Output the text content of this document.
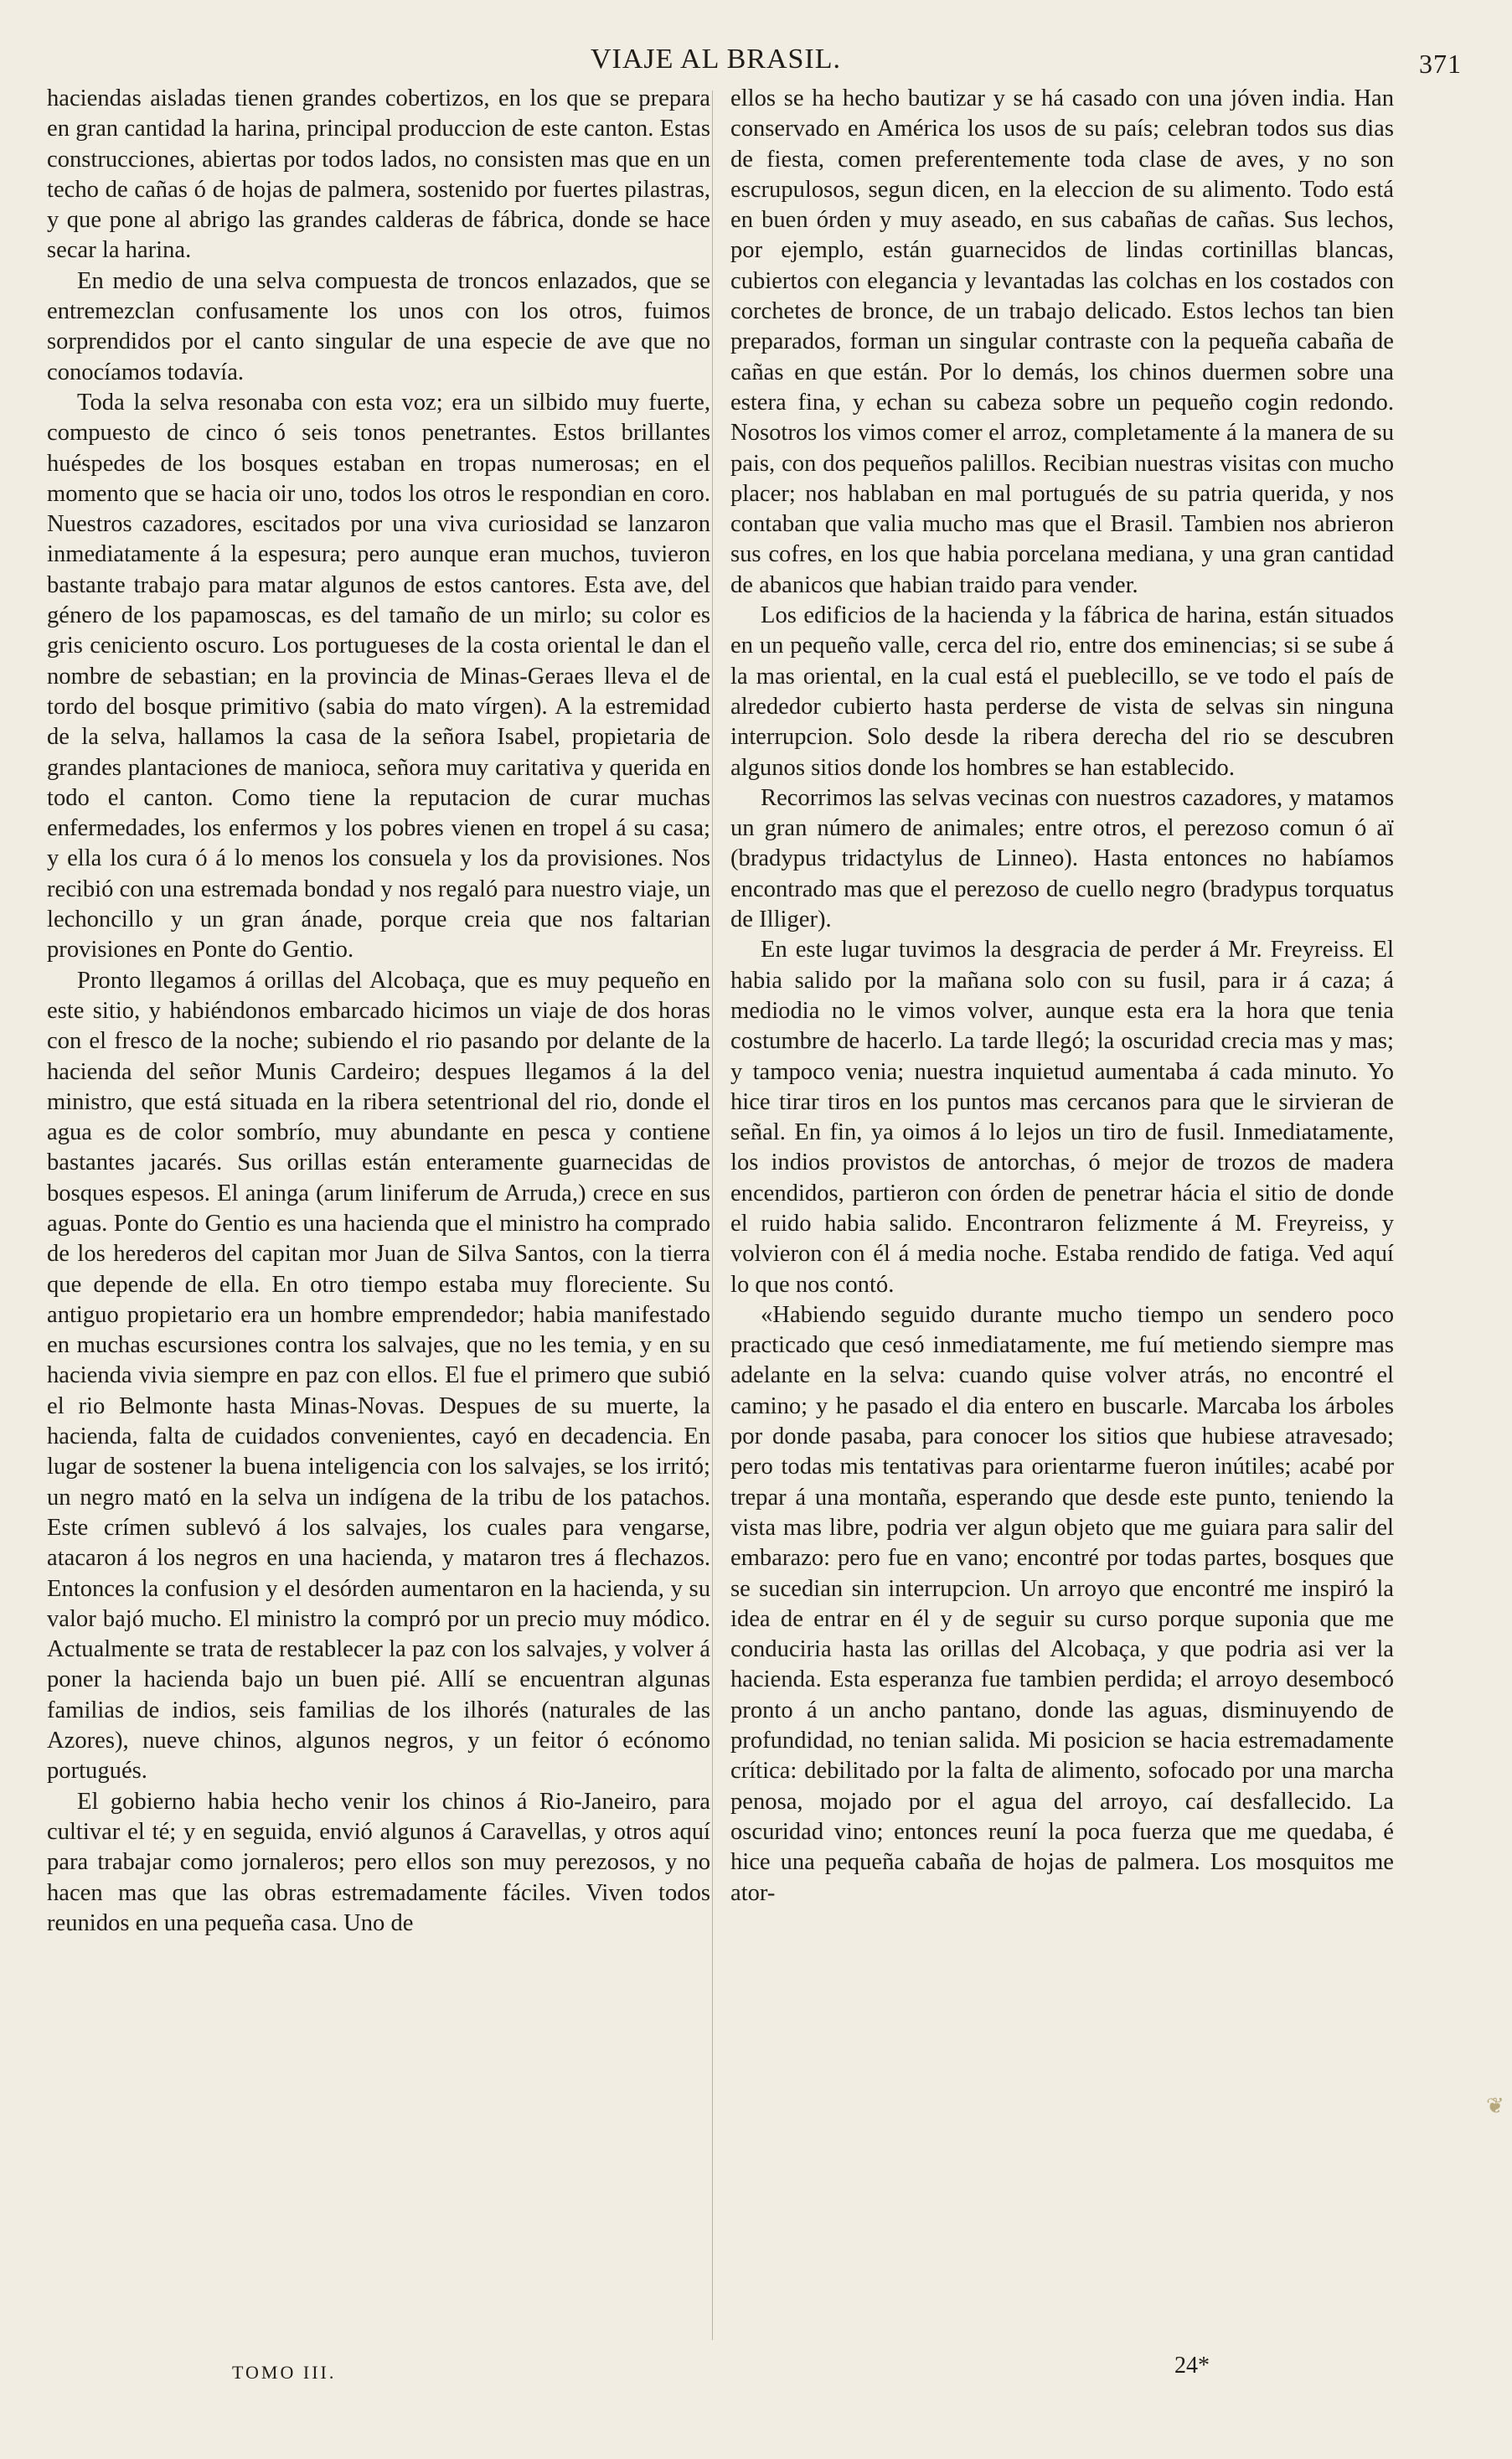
VIAJE AL BRASIL.	371

haciendas aisladas tienen grandes cobertizos, en los que se prepara en gran cantidad la harina, principal produccion de este canton. Estas construcciones, abiertas por todos lados, no consisten mas que en un techo de cañas ó de hojas de palmera, sostenido por fuertes pilastras, y que pone al abrigo las grandes calderas de fábrica, donde se hace secar la harina.

En medio de una selva compuesta de troncos enlazados, que se entremezclan confusamente los unos con los otros, fuimos sorprendidos por el canto singular de una especie de ave que no conocíamos todavía.

Toda la selva resonaba con esta voz; era un silbido muy fuerte, compuesto de cinco ó seis tonos penetrantes. Estos brillantes huéspedes de los bosques estaban en tropas numerosas; en el momento que se hacia oir uno, todos los otros le respondian en coro. Nuestros cazadores, escitados por una viva curiosidad se lanzaron inmediatamente á la espesura; pero aunque eran muchos, tuvieron bastante trabajo para matar algunos de estos cantores. Esta ave, del género de los papamoscas, es del tamaño de un mirlo; su color es gris ceniciento oscuro. Los portugueses de la costa oriental le dan el nombre de sebastian; en la provincia de Minas-Geraes lleva el de tordo del bosque primitivo (sabia do mato vírgen). A la estremidad de la selva, hallamos la casa de la señora Isabel, propietaria de grandes plantaciones de manioca, señora muy caritativa y querida en todo el canton. Como tiene la reputacion de curar muchas enfermedades, los enfermos y los pobres vienen en tropel á su casa; y ella los cura ó á lo menos los consuela y los da provisiones. Nos recibió con una estremada bondad y nos regaló para nuestro viaje, un lechoncillo y un gran ánade, porque creia que nos faltarian provisiones en Ponte do Gentio.

Pronto llegamos á orillas del Alcobaça, que es muy pequeño en este sitio, y habiéndonos embarcado hicimos un viaje de dos horas con el fresco de la noche; subiendo el rio pasando por delante de la hacienda del señor Munis Cardeiro; despues llegamos á la del ministro, que está situada en la ribera setentrional del rio, donde el agua es de color sombrío, muy abundante en pesca y contiene bastantes jacarés. Sus orillas están enteramente guarnecidas de bosques espesos. El aninga (arum liniferum de Arruda,) crece en sus aguas. Ponte do Gentio es una hacienda que el ministro ha comprado de los herederos del capitan mor Juan de Silva Santos, con la tierra que depende de ella. En otro tiempo estaba muy floreciente. Su antiguo propietario era un hombre emprendedor; habia manifestado en muchas escursiones contra los salvajes, que no les temia, y en su hacienda vivia siempre en paz con ellos. El fue el primero que subió el rio Belmonte hasta Minas-Novas. Despues de su muerte, la hacienda, falta de cuidados convenientes, cayó en decadencia. En lugar de sostener la buena inteligencia con los salvajes, se los irritó; un negro mató en la selva un indígena de la tribu de los patachos. Este crímen sublevó á los salvajes, los cuales para vengarse, atacaron á los negros en una hacienda, y mataron tres á flechazos. Entonces la confusion y el desórden aumentaron en la hacienda, y su valor bajó mucho. El ministro la compró por un precio muy módico. Actualmente se trata de restablecer la paz con los salvajes, y volver á poner la hacienda bajo un buen pié. Allí se encuentran algunas familias de indios, seis familias de los ilhorés (naturales de las Azores), nueve chinos, algunos negros, y un feitor ó ecónomo portugués.

El gobierno habia hecho venir los chinos á Rio-Janeiro, para cultivar el té; y en seguida, envió algunos á Caravellas, y otros aquí para trabajar como jornaleros; pero ellos son muy perezosos, y no hacen mas que las obras estremadamente fáciles. Viven todos reunidos en una pequeña casa. Uno de

ellos se ha hecho bautizar y se há casado con una jóven india. Han conservado en América los usos de su país; celebran todos sus dias de fiesta, comen preferentemente toda clase de aves, y no son escrupulosos, segun dicen, en la eleccion de su alimento. Todo está en buen órden y muy aseado, en sus cabañas de cañas. Sus lechos, por ejemplo, están guarnecidos de lindas cortinillas blancas, cubiertos con elegancia y levantadas las colchas en los costados con corchetes de bronce, de un trabajo delicado. Estos lechos tan bien preparados, forman un singular contraste con la pequeña cabaña de cañas en que están. Por lo demás, los chinos duermen sobre una estera fina, y echan su cabeza sobre un pequeño cogin redondo. Nosotros los vimos comer el arroz, completamente á la manera de su pais, con dos pequeños palillos. Recibian nuestras visitas con mucho placer; nos hablaban en mal portugués de su patria querida, y nos contaban que valia mucho mas que el Brasil. Tambien nos abrieron sus cofres, en los que habia porcelana mediana, y una gran cantidad de abanicos que habian traido para vender.

Los edificios de la hacienda y la fábrica de harina, están situados en un pequeño valle, cerca del rio, entre dos eminencias; si se sube á la mas oriental, en la cual está el pueblecillo, se ve todo el país de alrededor cubierto hasta perderse de vista de selvas sin ninguna interrupcion. Solo desde la ribera derecha del rio se descubren algunos sitios donde los hombres se han establecido.

Recorrimos las selvas vecinas con nuestros cazadores, y matamos un gran número de animales; entre otros, el perezoso comun ó aï (bradypus tridactylus de Linneo). Hasta entonces no habíamos encontrado mas que el perezoso de cuello negro (bradypus torquatus de Illiger).

En este lugar tuvimos la desgracia de perder á Mr. Freyreiss. El habia salido por la mañana solo con su fusil, para ir á caza; á mediodia no le vimos volver, aunque esta era la hora que tenia costumbre de hacerlo. La tarde llegó; la oscuridad crecia mas y mas; y tampoco venia; nuestra inquietud aumentaba á cada minuto. Yo hice tirar tiros en los puntos mas cercanos para que le sirvieran de señal. En fin, ya oimos á lo lejos un tiro de fusil. Inmediatamente, los indios provistos de antorchas, ó mejor de trozos de madera encendidos, partieron con órden de penetrar hácia el sitio de donde el ruido habia salido. Encontraron felizmente á M. Freyreiss, y volvieron con él á media noche. Estaba rendido de fatiga. Ved aquí lo que nos contó.

«Habiendo seguido durante mucho tiempo un sendero poco practicado que cesó inmediatamente, me fuí metiendo siempre mas adelante en la selva: cuando quise volver atrás, no encontré el camino; y he pasado el dia entero en buscarle. Marcaba los árboles por donde pasaba, para conocer los sitios que hubiese atravesado; pero todas mis tentativas para orientarme fueron inútiles; acabé por trepar á una montaña, esperando que desde este punto, teniendo la vista mas libre, podria ver algun objeto que me guiara para salir del embarazo: pero fue en vano; encontré por todas partes, bosques que se sucedian sin interrupcion. Un arroyo que encontré me inspiró la idea de entrar en él y de seguir su curso porque suponia que me conduciria hasta las orillas del Alcobaça, y que podria asi ver la hacienda. Esta esperanza fue tambien perdida; el arroyo desembocó pronto á un ancho pantano, donde las aguas, disminuyendo de profundidad, no tenian salida. Mi posicion se hacia estremadamente crítica: debilitado por la falta de alimento, sofocado por una marcha penosa, mojado por el agua del arroyo, caí desfallecido. La oscuridad vino; entonces reuní la poca fuerza que me quedaba, é hice una pequeña cabaña de hojas de palmera. Los mosquitos me ator-

TOMO III.	24*
❦
